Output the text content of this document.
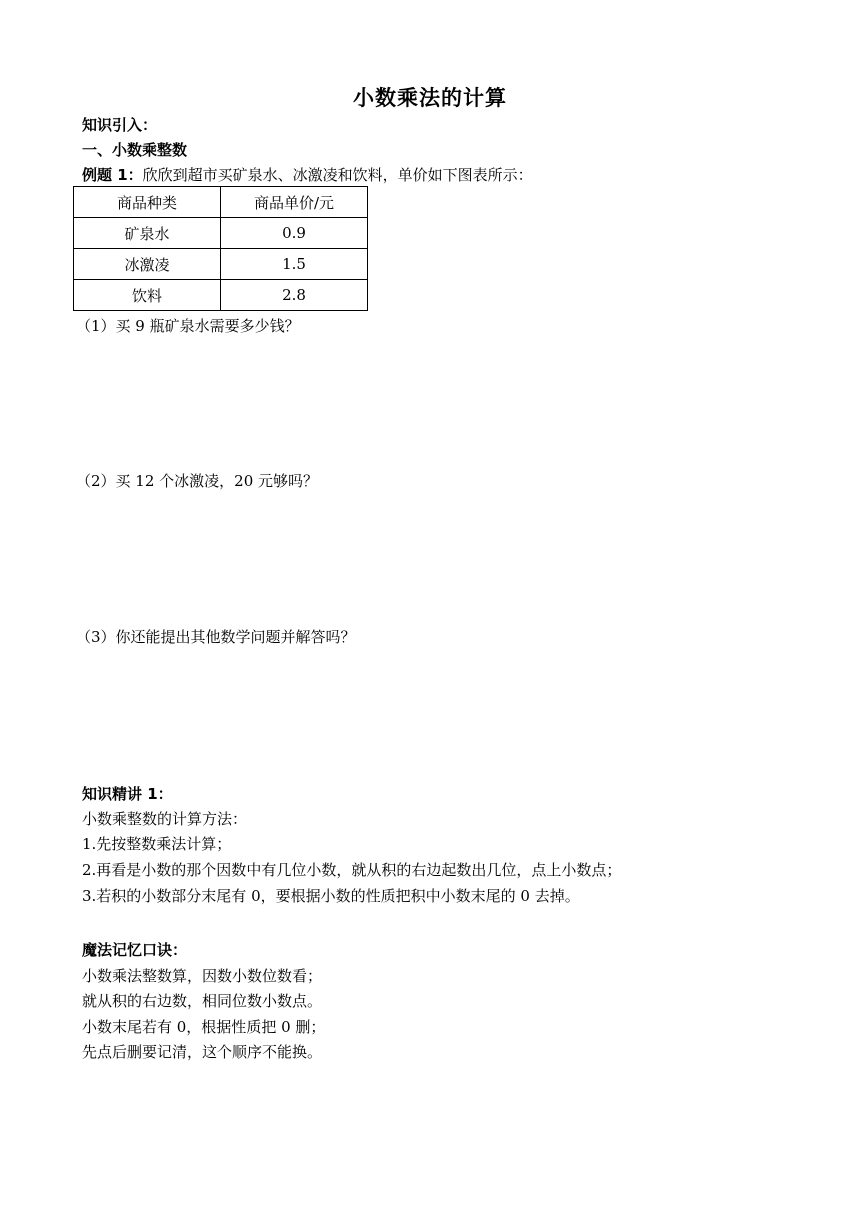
小数乘法的计算
知识引入：
一、小数乘整数
例题 1：欣欣到超市买矿泉水、冰激凌和饮料，单价如下图表所示：
商品种类	商品单价/元
矿泉水	0.9
冰激凌	1.5
饮料	2.8
（1）买 9 瓶矿泉水需要多少钱？
（2）买 12 个冰激凌，20 元够吗？
（3）你还能提出其他数学问题并解答吗？
知识精讲 1：
小数乘整数的计算方法：
1.先按整数乘法计算；
2.再看是小数的那个因数中有几位小数，就从积的右边起数出几位，点上小数点；
3.若积的小数部分末尾有 0，要根据小数的性质把积中小数末尾的 0 去掉。
魔法记忆口诀：
小数乘法整数算，因数小数位数看；
就从积的右边数，相同位数小数点。
小数末尾若有 0，根据性质把 0 删；
先点后删要记清，这个顺序不能换。
